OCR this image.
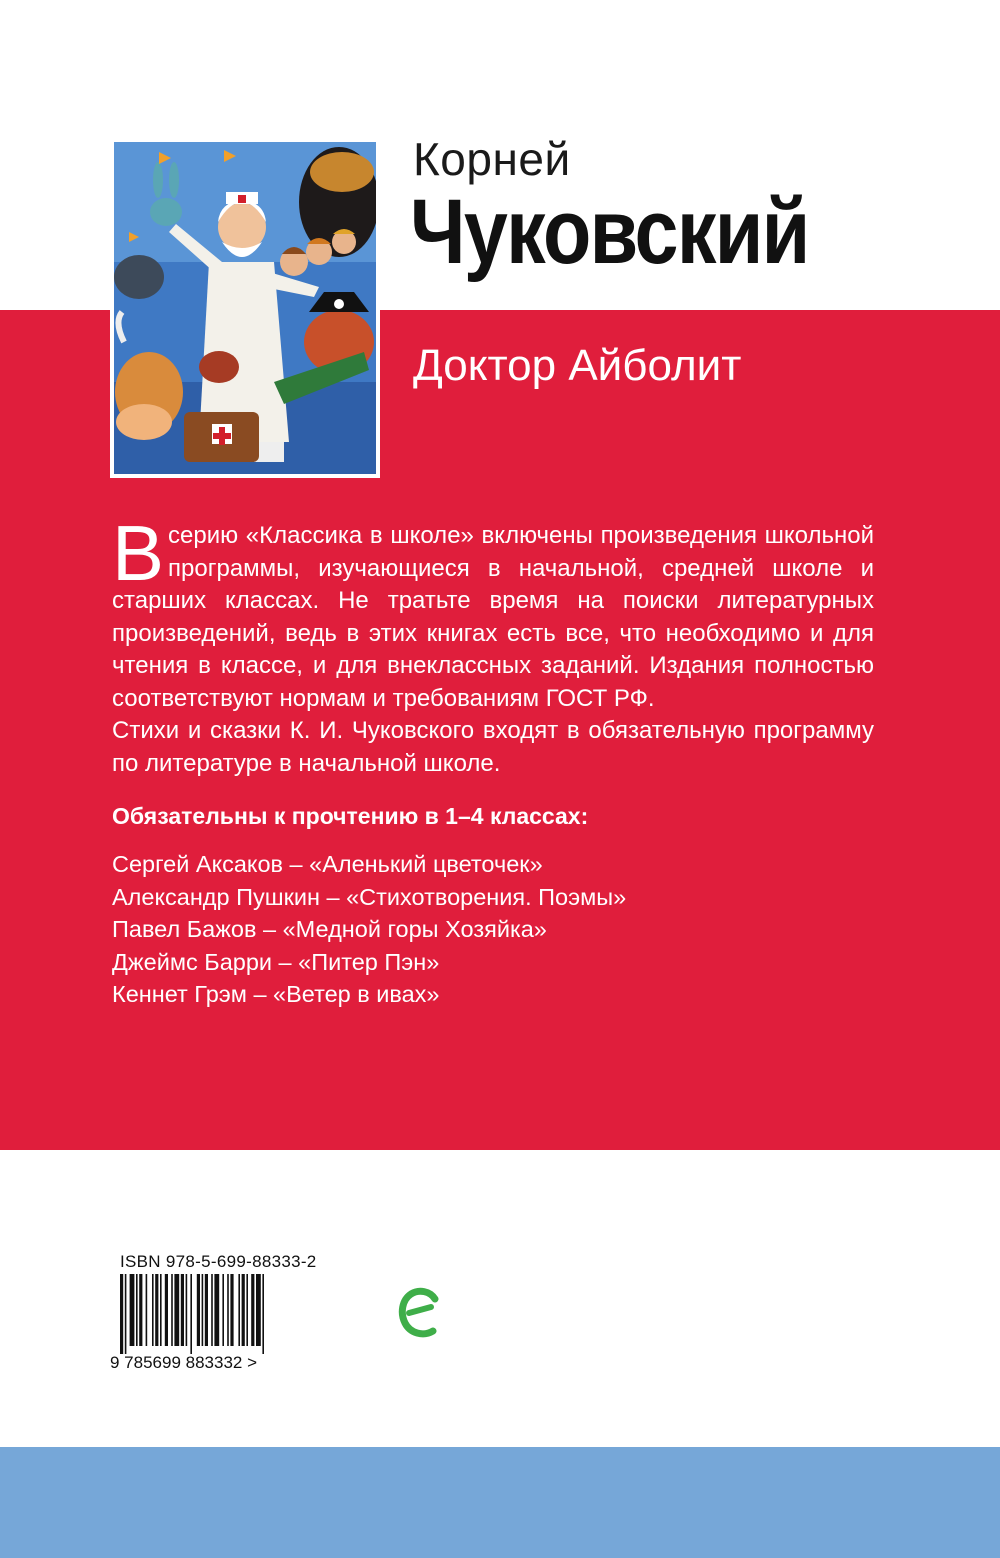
Корней
Чуковский
Доктор Айболит

Всерию «Классика в школе» включены произведения школьной программы, изучающиеся в начальной, средней школе и старших классах. Не тратьте время на поиски литературных произведений, ведь в этих книгах есть все, что необходимо и для чтения в классе, и для внеклассных заданий. Издания полностью соответствуют нормам и требованиям ГОСТ РФ.

Стихи и сказки К. И. Чуковского входят в обязательную программу по литературе в начальной школе.

Обязательны к прочтению в 1–4 классах:
Сергей Аксаков – «Аленький цветочек»
Александр Пушкин – «Стихотворения. Поэмы»
Павел Бажов – «Медной горы Хозяйка»
Джеймс Барри – «Питер Пэн»
Кеннет Грэм – «Ветер в ивах»
ISBN 978-5-699-88333-2
9 785699 883332 >
